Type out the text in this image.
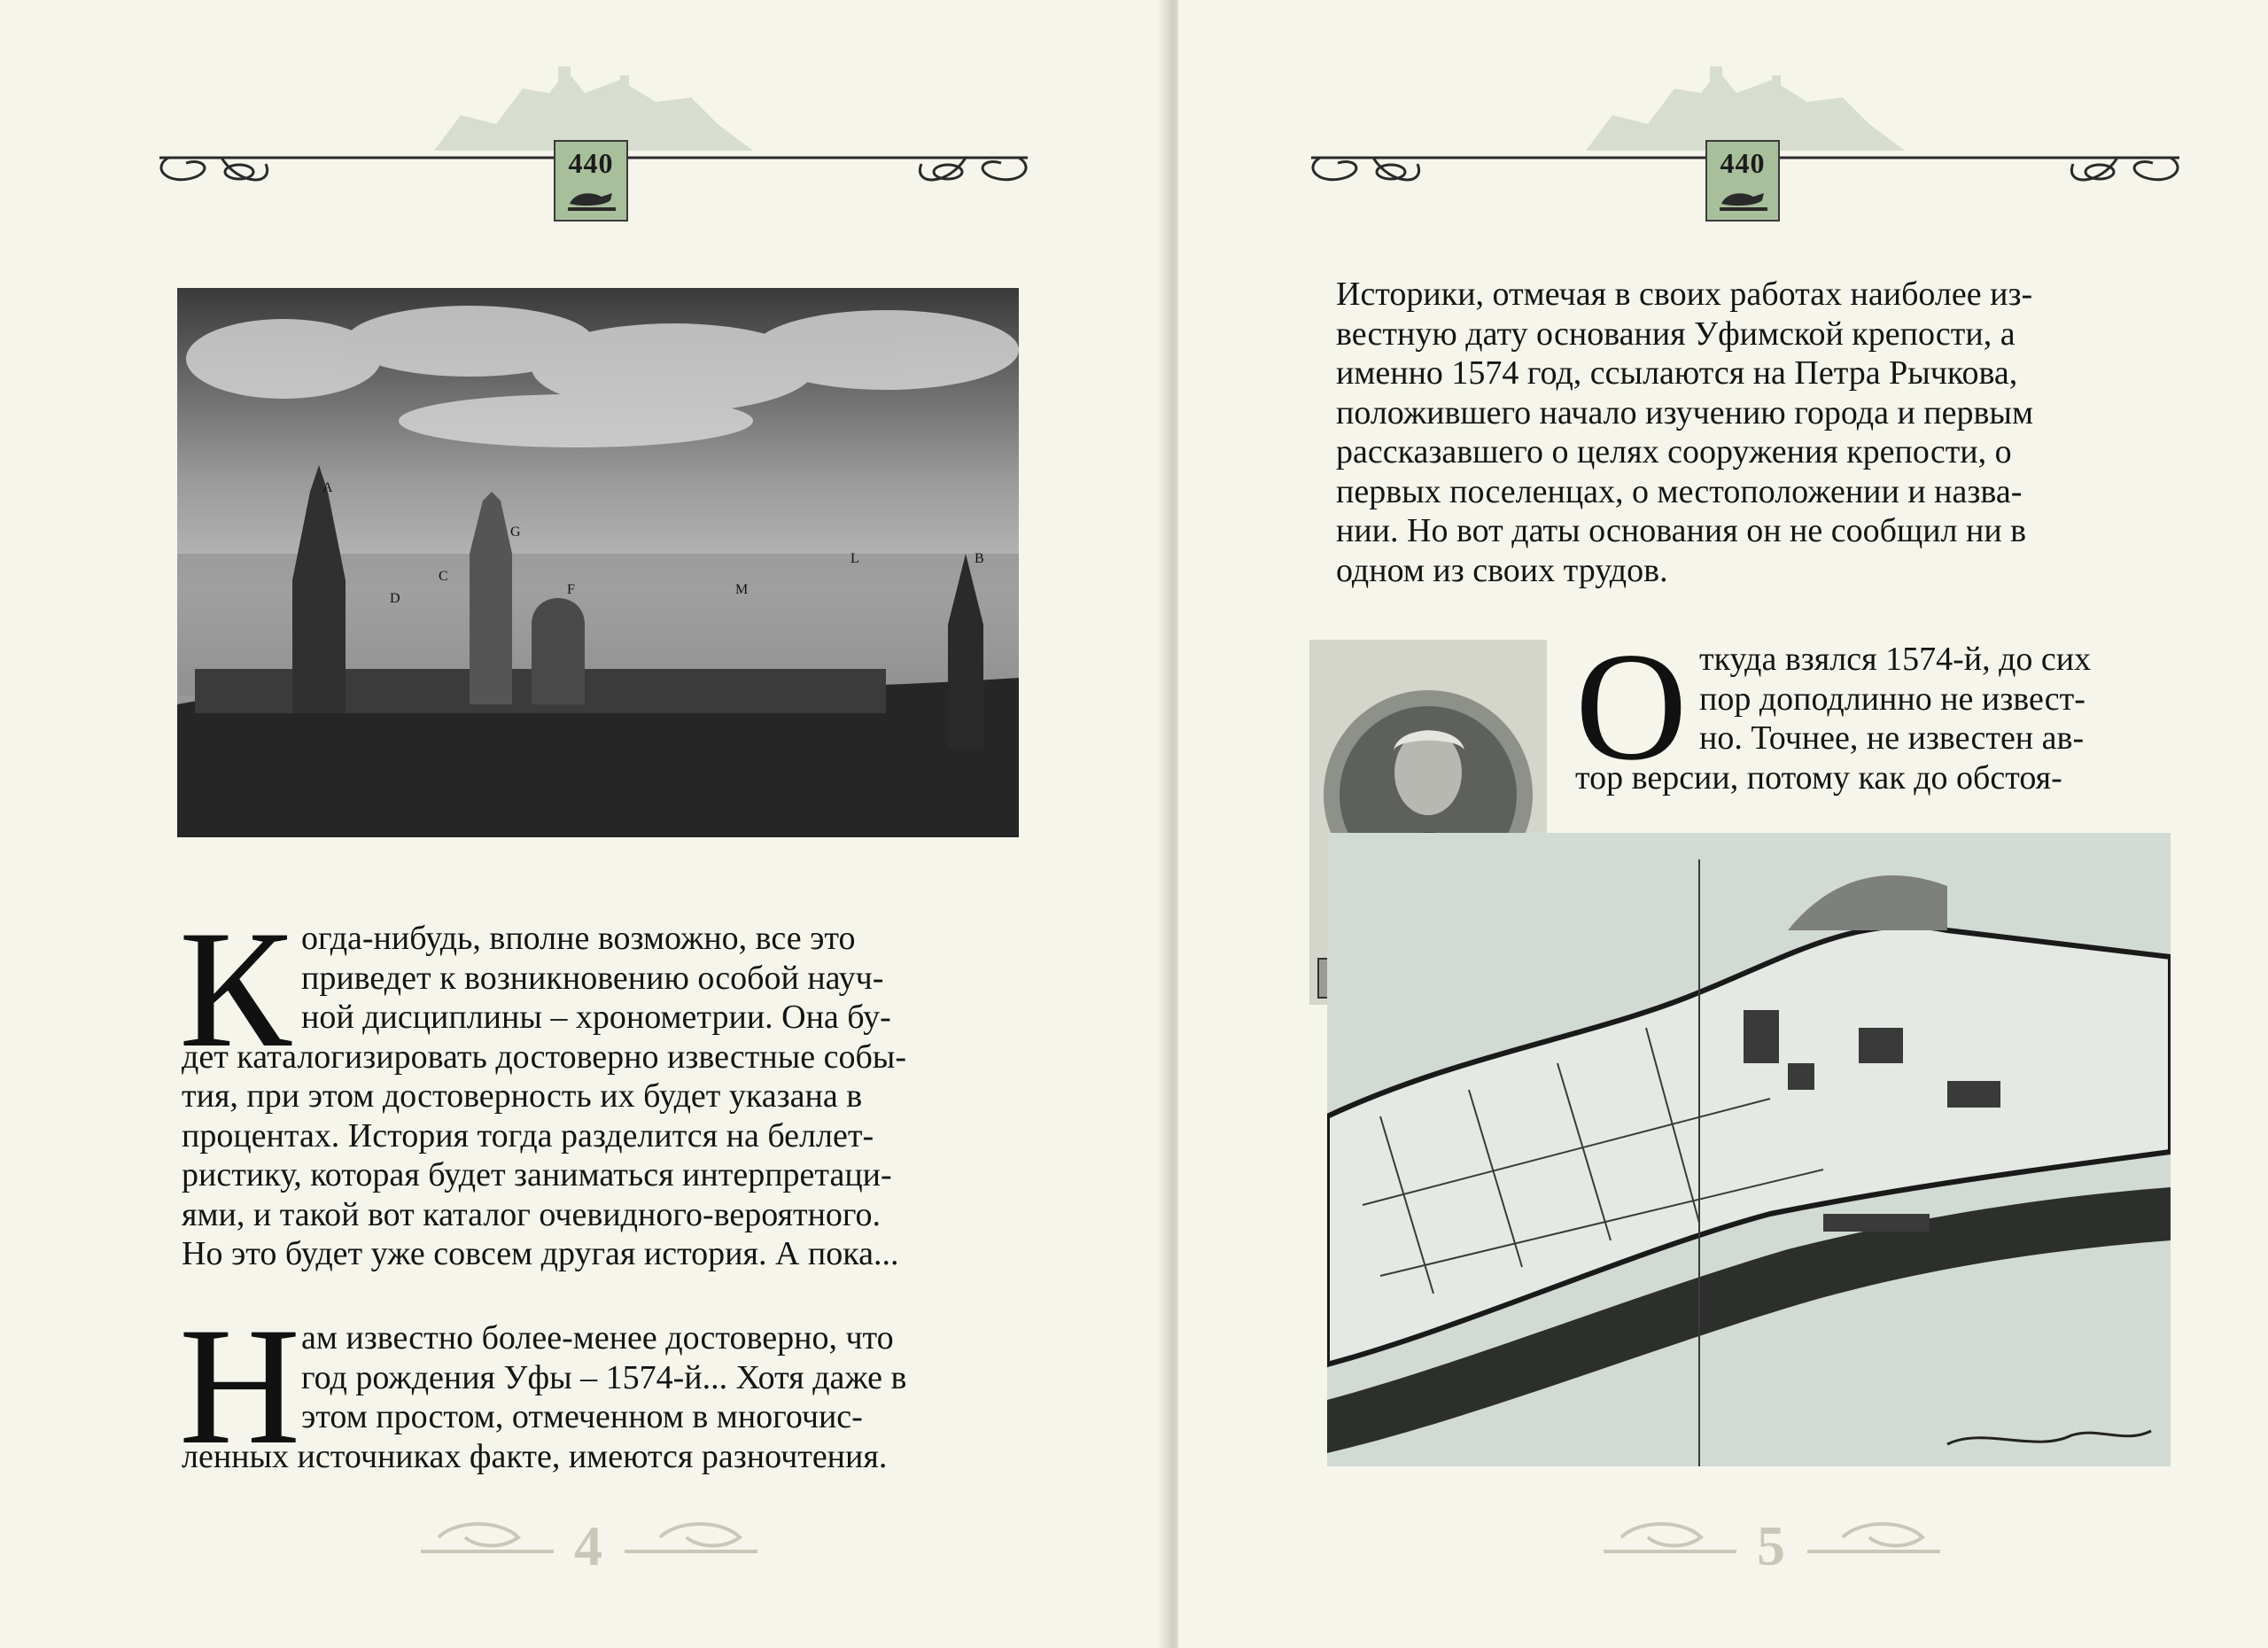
440
A
G
C
D
F
L
M
B
К огда-нибудь, вполне возможно, все это
приведет к возникновению особой науч-
ной дисциплины – хронометрии. Она бу-
дет каталогизировать достоверно известные собы-
тия, при этом достоверность их будет указана в
процентах. История тогда разделится на беллет-
ристику, которая будет заниматься интерпретаци-
ями, и такой вот каталог очевидного-вероятного.
Но это будет уже совсем другая история. А пока...
Н ам известно более-менее достоверно, что
год рождения Уфы – 1574-й... Хотя даже в
этом простом, отмеченном в многочис-
ленных источниках факте, имеются разночтения.
4
440
Историки, отмечая в своих работах наиболее из-
вестную дату основания Уфимской крепости, а
именно 1574 год, ссылаются на Петра Рычкова,
положившего начало изучению города и первым
рассказавшего о целях сооружения крепости, о
первых поселенцах, о местоположении и назва-
нии. Но вот даты основания он не сообщил ни в
одном из своих трудов.
О ткуда взялся 1574-й, до сих
пор доподлинно не извест-
но. Точнее, не известен ав-
тор версии, потому как до обстоя-
5
